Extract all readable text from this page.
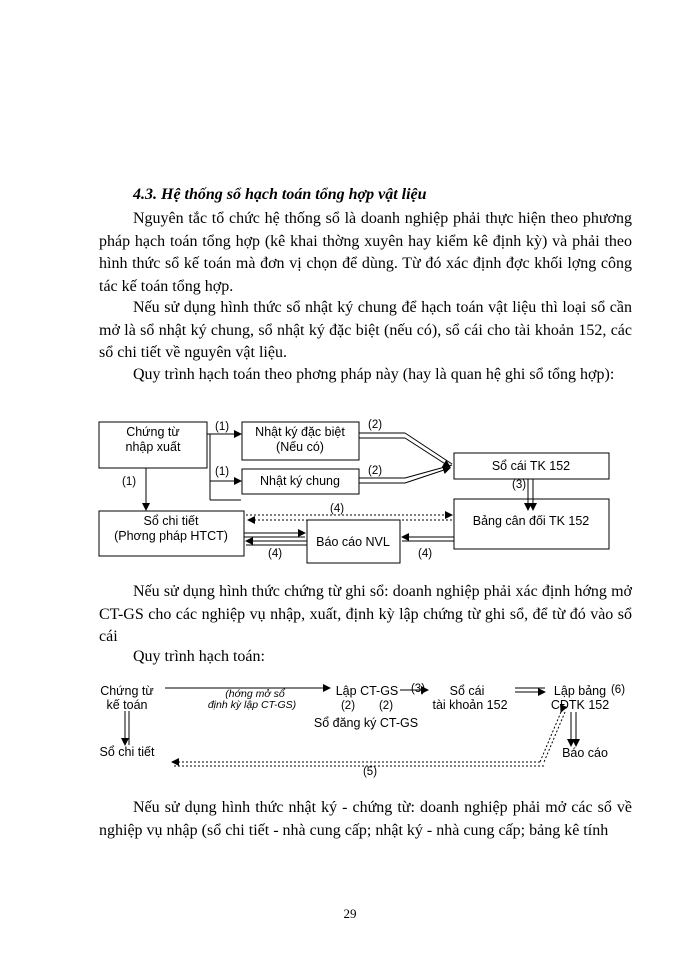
4.3. Hệ thống sổ hạch toán tổng hợp vật liệu

Nguyên tắc tổ chức hệ thống sổ là doanh nghiệp phải thực hiện theo phương pháp hạch toán tổng hợp (kê khai thờng xuyên hay kiểm kê định kỳ) và phải theo hình thức sổ kế toán mà đơn vị chọn để dùng. Từ đó xác định đợc khối lợng công tác kế toán tổng hợp.

Nếu sử dụng hình thức sổ nhật ký chung để hạch toán vật liệu thì loại sổ cần mở là sổ nhật ký chung, sổ nhật ký đặc biệt (nếu có), sổ cái cho tài khoản 152, các sổ chi tiết về nguyên vật liệu.

Quy trình hạch toán theo phơng pháp này (hay là quan hệ ghi sổ tổng hợp):

Chứng từ
nhập xuất
Nhật ký đặc biệt
(Nếu có)
Nhật ký chung
Sổ cái TK 152
Bảng cân đối TK 152
Sổ chi tiết
(Phơng pháp HTCT)	Báo cáo NVL
(1)
(1)
(1)
(2)
(2)
(3)
(4)
(4)	(4)

Nếu sử dụng hình thức chứng từ ghi sổ: doanh nghiệp phải xác định hớng mở CT-GS cho các nghiệp vụ nhập, xuất, định kỳ lập chứng từ ghi sổ, để từ đó vào sổ cái

Quy trình hạch toán:

Chứng từ
kế toán
(hớng mở sổ
định kỳ lập CT-GS)
Lập CT-GS
(2) (2)
Sổ đăng ký CT-GS
(3) Sổ cái
tài khoản 152
Lập bảng (6)
CĐTK 152
Sổ chi tiết	Báo cáo
(5)

Nếu sử dụng hình thức nhật ký - chứng từ: doanh nghiệp phải mở các sổ về nghiệp vụ nhập (sổ chi tiết - nhà cung cấp; nhật ký - nhà cung cấp; bảng kê tính

29
